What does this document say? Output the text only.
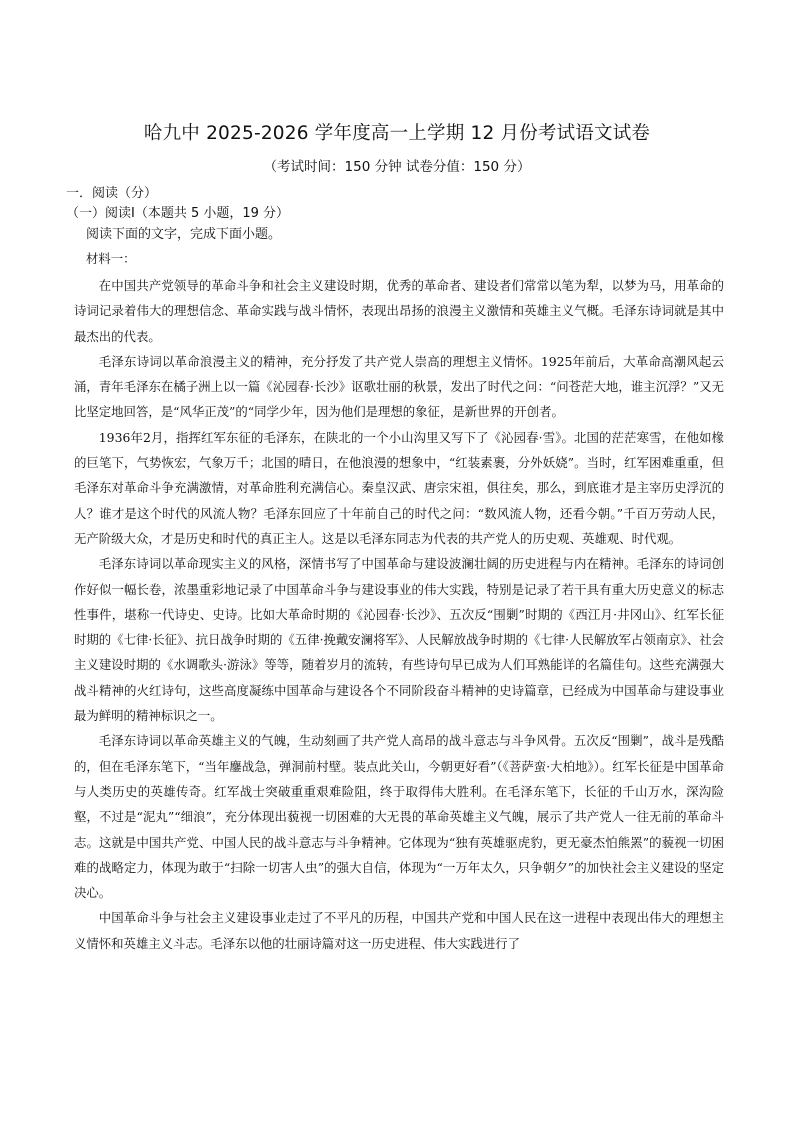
哈九中 2025-2026 学年度高一上学期 12 月份考试语文试卷
（考试时间：150 分钟 试卷分值：150 分）
一．阅读（分）
（一）阅读Ⅰ（本题共 5 小题，19 分）
阅读下面的文字，完成下面小题。
材料一：

在中国共产党领导的革命斗争和社会主义建设时期，优秀的革命者、建设者们常常以笔为犁，以梦为马，用革命的诗词记录着伟大的理想信念、革命实践与战斗情怀，表现出昂扬的浪漫主义激情和英雄主义气概。毛泽东诗词就是其中最杰出的代表。

毛泽东诗词以革命浪漫主义的精神，充分抒发了共产党人崇高的理想主义情怀。1925年前后，大革命高潮风起云涌，青年毛泽东在橘子洲上以一篇《沁园春·长沙》讴歌壮丽的秋景，发出了时代之问：“问苍茫大地，谁主沉浮？”又无比坚定地回答，是“风华正茂”的“同学少年，因为他们是理想的象征，是新世界的开创者。

1936年2月，指挥红军东征的毛泽东，在陕北的一个小山沟里又写下了《沁园春·雪》。北国的茫茫寒雪，在他如椽的巨笔下，气势恢宏，气象万千；北国的晴日，在他浪漫的想象中，“红装素裹，分外妖娆”。当时，红军困难重重，但毛泽东对革命斗争充满激情，对革命胜利充满信心。秦皇汉武、唐宗宋祖，俱往矣，那么，到底谁才是主宰历史浮沉的人？谁才是这个时代的风流人物？毛泽东回应了十年前自己的时代之问：“数风流人物，还看今朝。”千百万劳动人民，无产阶级大众，才是历史和时代的真正主人。这是以毛泽东同志为代表的共产党人的历史观、英雄观、时代观。

毛泽东诗词以革命现实主义的风格，深情书写了中国革命与建设波澜壮阔的历史进程与内在精神。毛泽东的诗词创作好似一幅长卷，浓墨重彩地记录了中国革命斗争与建设事业的伟大实践，特别是记录了若干具有重大历史意义的标志性事件，堪称一代诗史、史诗。比如大革命时期的《沁园春·长沙》、五次反“围剿”时期的《西江月·井冈山》、红军长征时期的《七律·长征》、抗日战争时期的《五律·挽戴安澜将军》、人民解放战争时期的《七律·人民解放军占领南京》、社会主义建设时期的《水调歌头·游泳》等等，随着岁月的流转，有些诗句早已成为人们耳熟能详的名篇佳句。这些充满强大战斗精神的火红诗句，这些高度凝练中国革命与建设各个不同阶段奋斗精神的史诗篇章，已经成为中国革命与建设事业最为鲜明的精神标识之一。

毛泽东诗词以革命英雄主义的气魄，生动刻画了共产党人高昂的战斗意志与斗争风骨。五次反“围剿”，战斗是残酷的，但在毛泽东笔下，“当年鏖战急，弹洞前村壁。装点此关山，今朝更好看”（《菩萨蛮·大柏地》）。红军长征是中国革命与人类历史的英雄传奇。红军战士突破重重艰难险阻，终于取得伟大胜利。在毛泽东笔下，长征的千山万水，深沟险壑，不过是“泥丸”“细浪”，充分体现出藐视一切困难的大无畏的革命英雄主义气魄，展示了共产党人一往无前的革命斗志。这就是中国共产党、中国人民的战斗意志与斗争精神。它体现为“独有英雄驱虎豹，更无豪杰怕熊罴”的藐视一切困难的战略定力，体现为敢于“扫除一切害人虫”的强大自信，体现为“一万年太久，只争朝夕”的加快社会主义建设的坚定决心。

中国革命斗争与社会主义建设事业走过了不平凡的历程，中国共产党和中国人民在这一进程中表现出伟大的理想主义情怀和英雄主义斗志。毛泽东以他的壮丽诗篇对这一历史进程、伟大实践进行了
